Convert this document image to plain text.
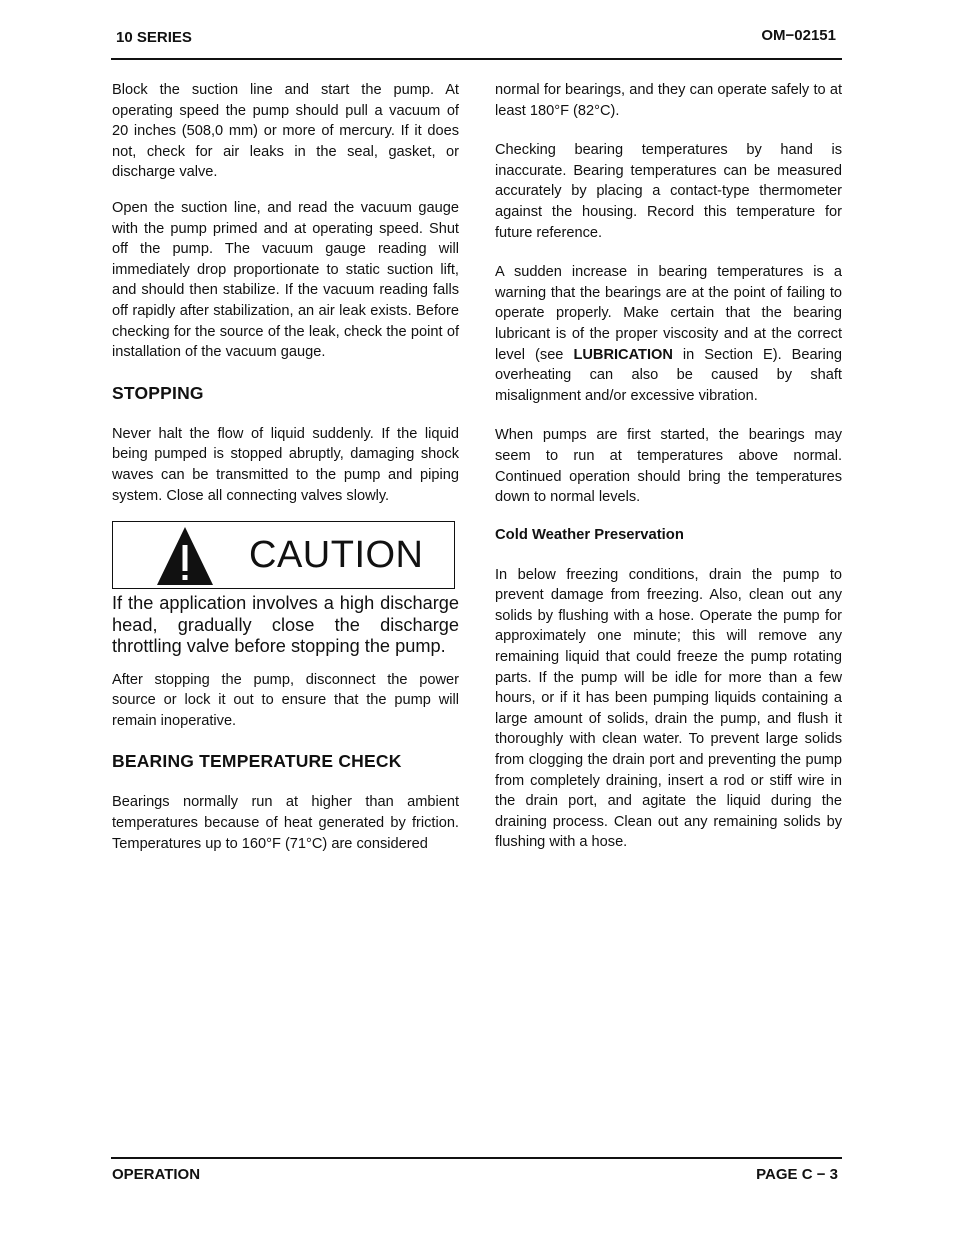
10 SERIES	OM−02151

Block the suction line and start the pump. At operating speed the pump should pull a vacuum of 20 inches (508,0 mm) or more of mercury. If it does not, check for air leaks in the seal, gasket, or discharge valve.

Open the suction line, and read the vacuum gauge with the pump primed and at operating speed. Shut off the pump. The vacuum gauge reading will immediately drop proportionate to static suction lift, and should then stabilize. If the vacuum reading falls off rapidly after stabilization, an air leak exists. Before checking for the source of the leak, check the point of installation of the vacuum gauge.

STOPPING

Never halt the flow of liquid suddenly. If the liquid being pumped is stopped abruptly, damaging shock waves can be transmitted to the pump and piping system. Close all connecting valves slowly.

CAUTION

If the application involves a high discharge head, gradually close the discharge throttling valve before stopping the pump.

After stopping the pump, disconnect the power source or lock it out to ensure that the pump will remain inoperative.

BEARING TEMPERATURE CHECK

Bearings normally run at higher than ambient temperatures because of heat generated by friction. Temperatures up to 160°F (71°C) are considered

normal for bearings, and they can operate safely to at least 180°F (82°C).

Checking bearing temperatures by hand is inaccurate. Bearing temperatures can be measured accurately by placing a contact-type thermometer against the housing. Record this temperature for future reference.

A sudden increase in bearing temperatures is a warning that the bearings are at the point of failing to operate properly. Make certain that the bearing lubricant is of the proper viscosity and at the correct level (see LUBRICATION in Section E). Bearing overheating can also be caused by shaft misalignment and/or excessive vibration.

When pumps are first started, the bearings may seem to run at temperatures above normal. Continued operation should bring the temperatures down to normal levels.

Cold Weather Preservation

In below freezing conditions, drain the pump to prevent damage from freezing. Also, clean out any solids by flushing with a hose. Operate the pump for approximately one minute; this will remove any remaining liquid that could freeze the pump rotating parts. If the pump will be idle for more than a few hours, or if it has been pumping liquids containing a large amount of solids, drain the pump, and flush it thoroughly with clean water. To prevent large solids from clogging the drain port and preventing the pump from completely draining, insert a rod or stiff wire in the drain port, and agitate the liquid during the draining process. Clean out any remaining solids by flushing with a hose.

OPERATION	PAGE C − 3
